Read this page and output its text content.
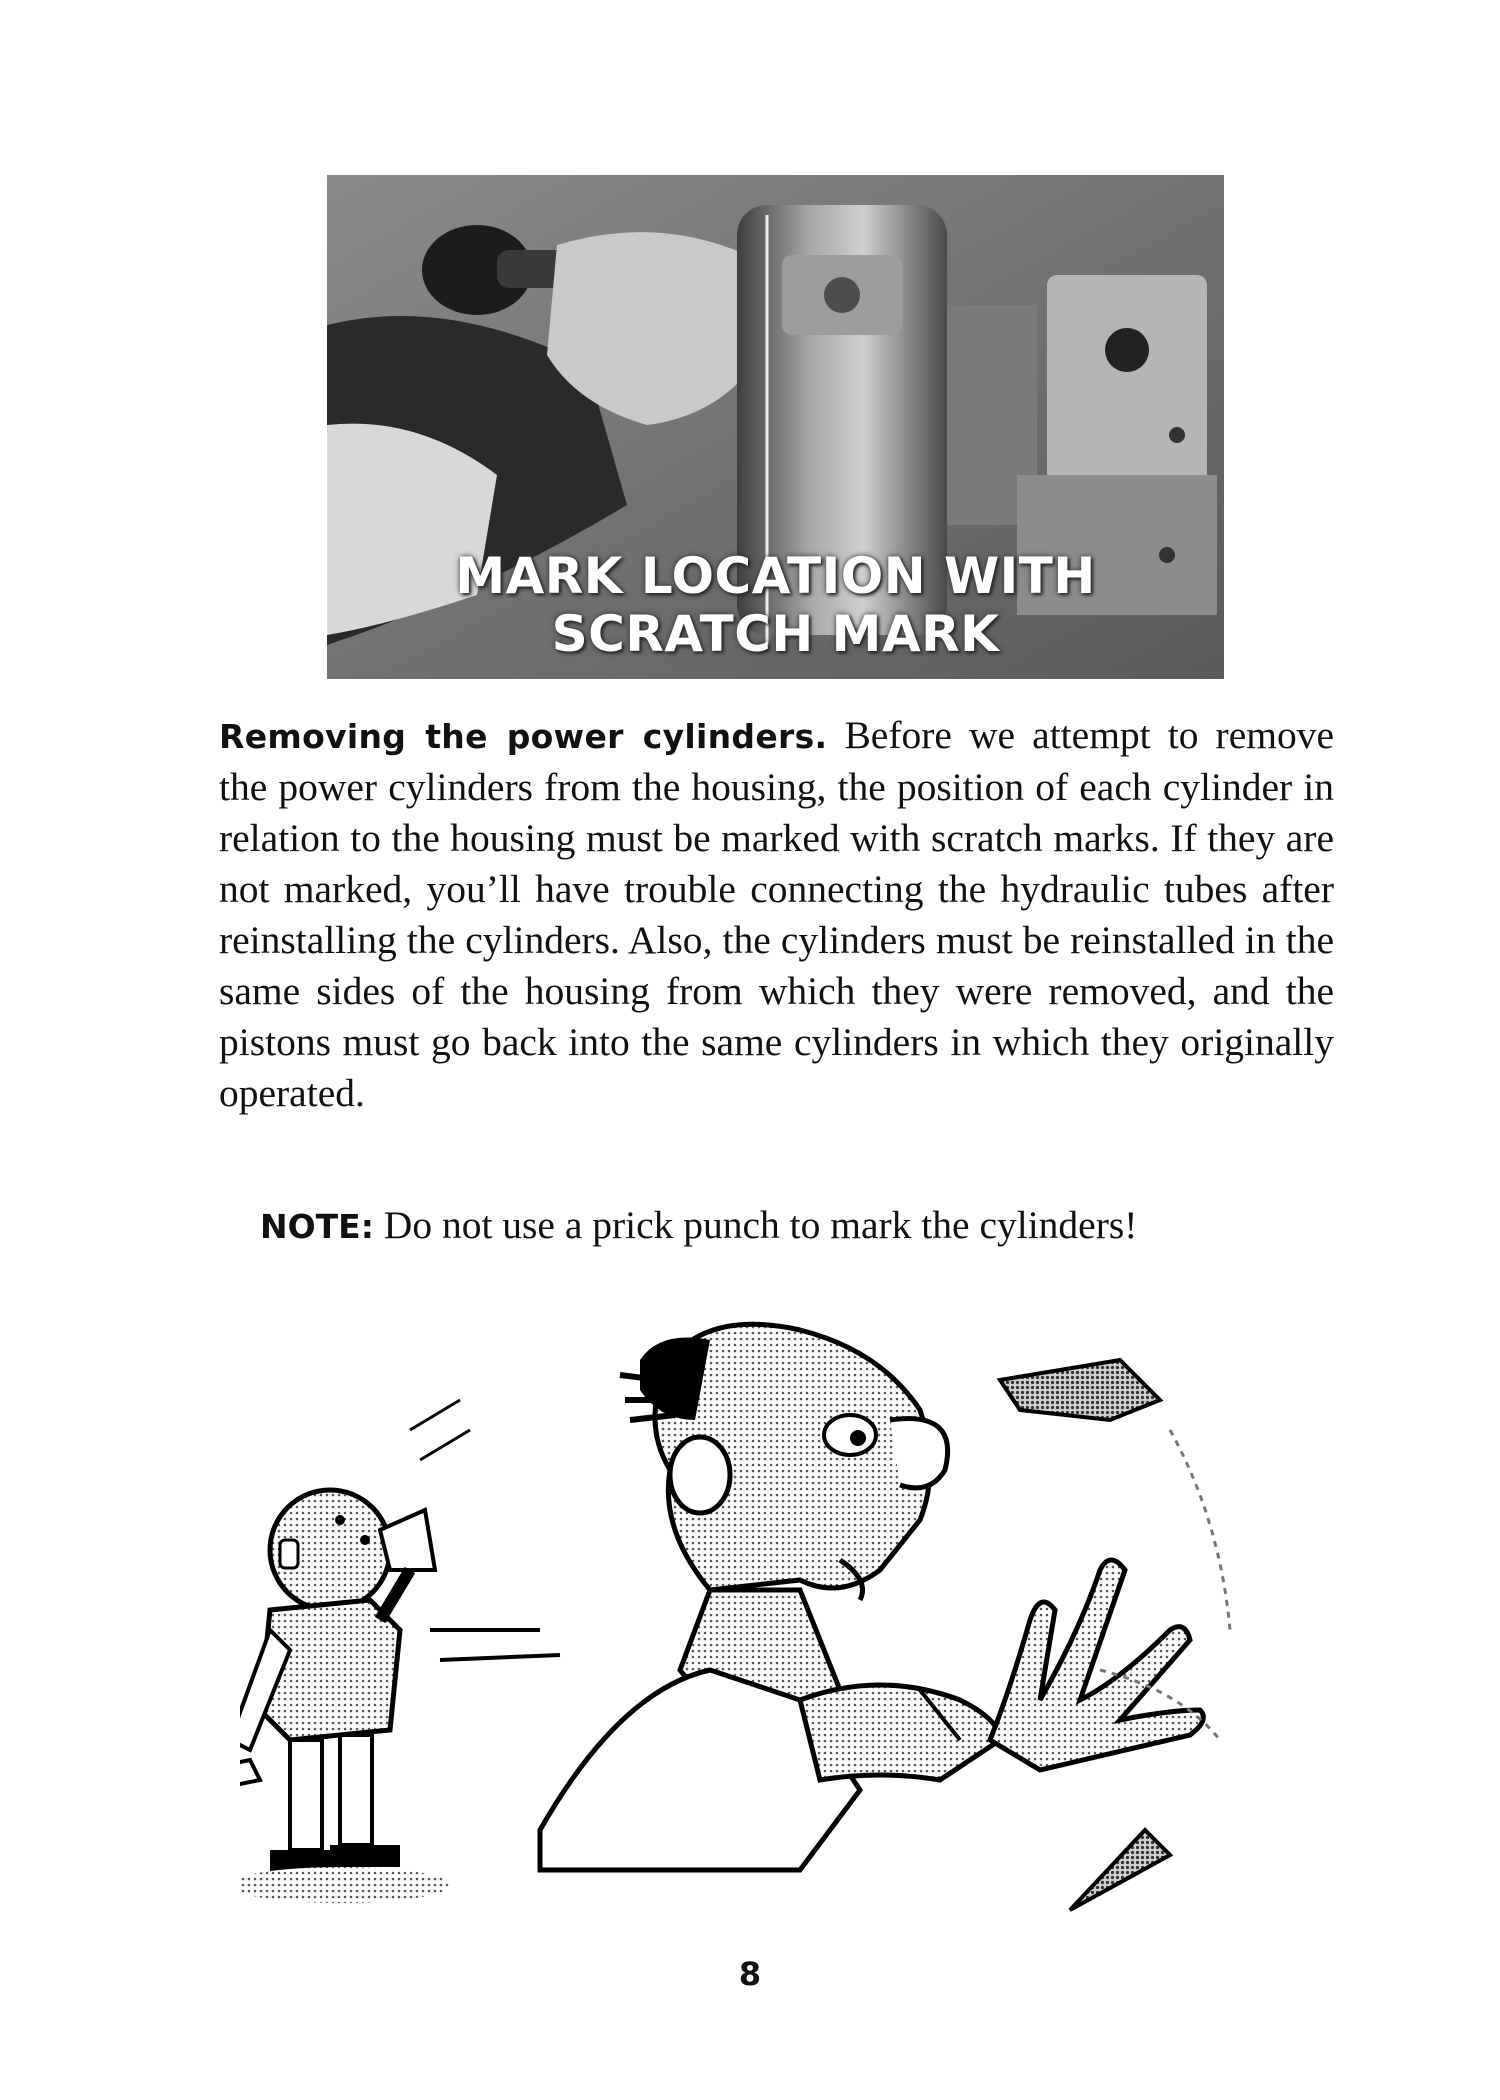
MARK LOCATION WITH
SCRATCH MARK
Removing the power cylinders. Before we attempt to remove the power cylinders from the housing, the position of each cylinder in relation to the housing must be marked with scratch marks. If they are not marked, you’ll have trouble connecting the hydraulic tubes after reinstalling the cylinders. Also, the cylinders must be reinstalled in the same sides of the housing from which they were removed, and the pistons must go back into the same cylinders in which they originally operated.
NOTE: Do not use a prick punch to mark the cylinders!
8
